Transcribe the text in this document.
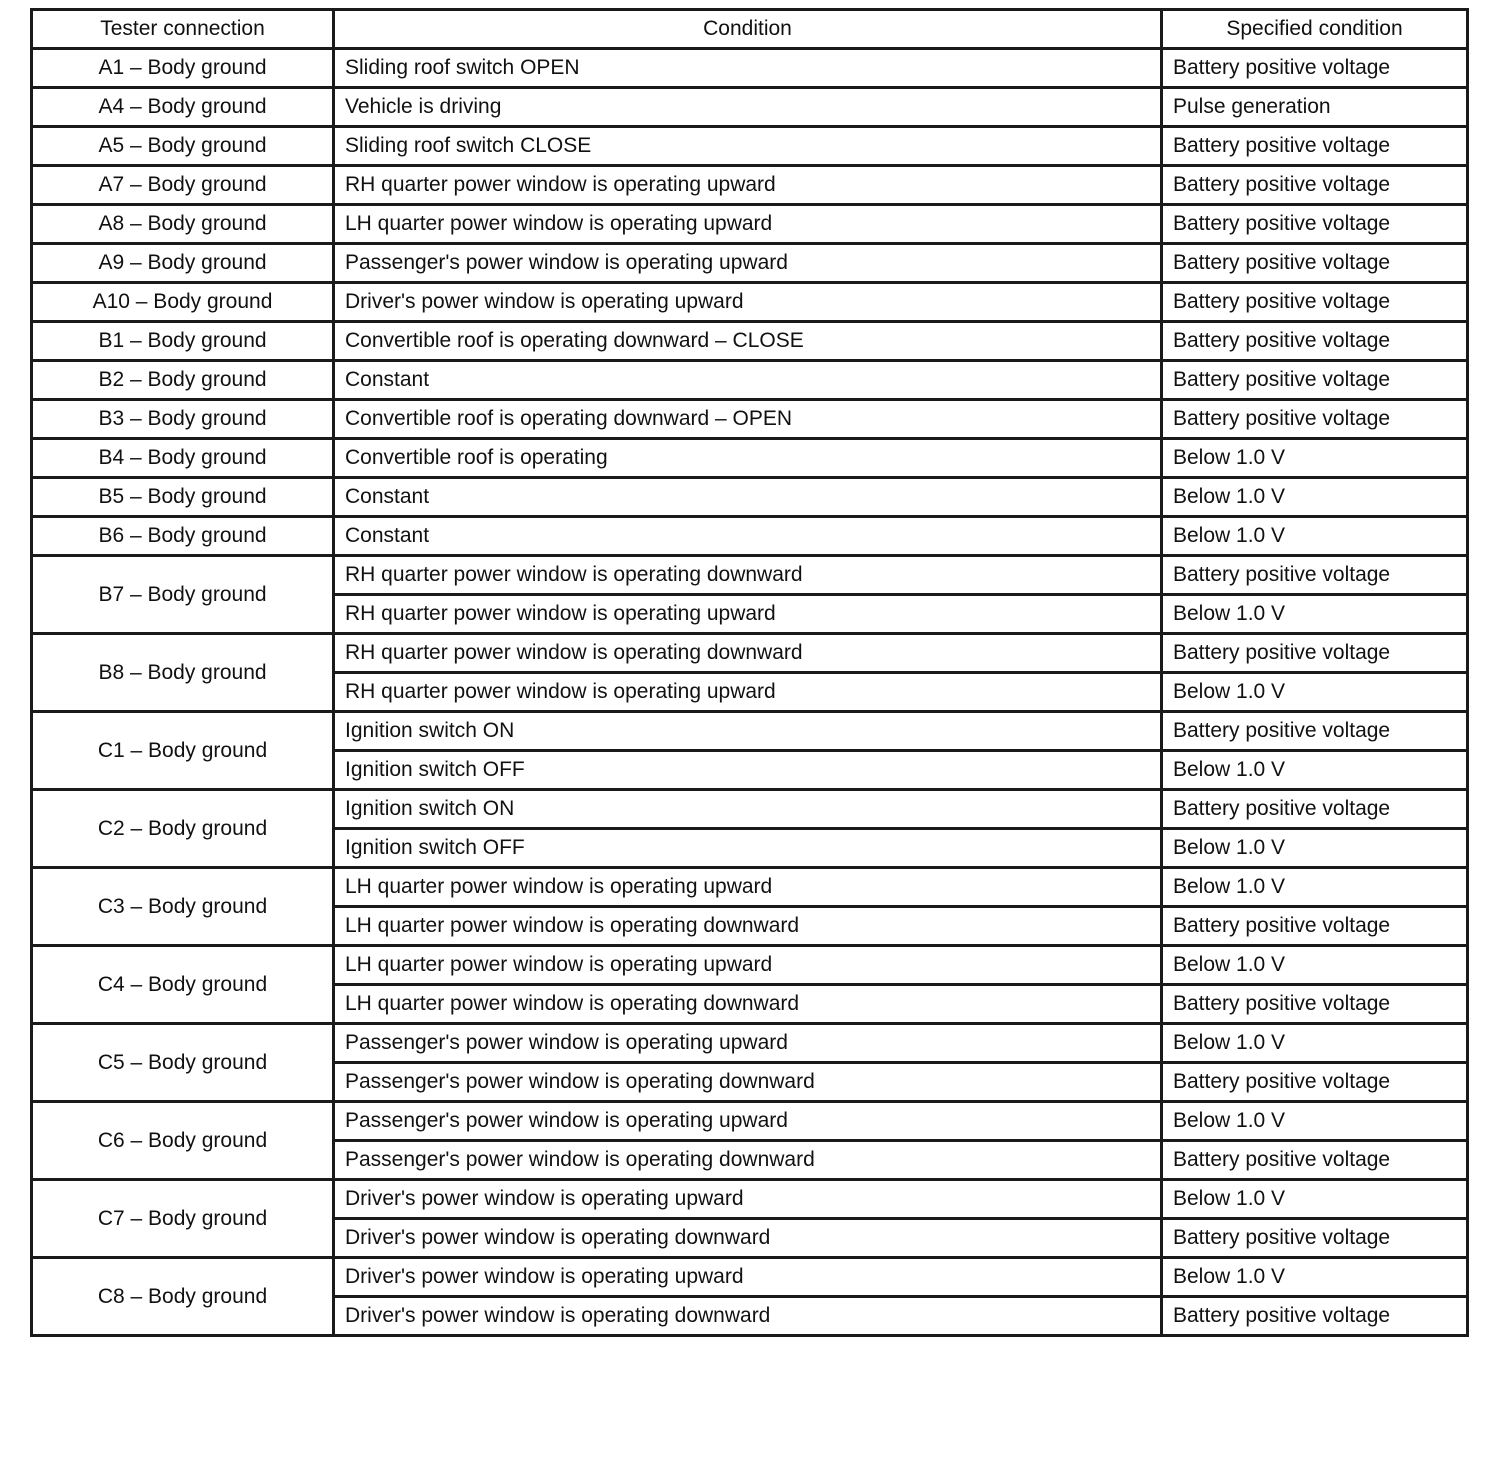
Tester connection	Condition	Specified condition
A1 – Body ground	Sliding roof switch OPEN	Battery positive voltage
A4 – Body ground	Vehicle is driving	Pulse generation
A5 – Body ground	Sliding roof switch CLOSE	Battery positive voltage
A7 – Body ground	RH quarter power window is operating upward	Battery positive voltage
A8 – Body ground	LH quarter power window is operating upward	Battery positive voltage
A9 – Body ground	Passenger's power window is operating upward	Battery positive voltage
A10 – Body ground	Driver's power window is operating upward	Battery positive voltage
B1 – Body ground	Convertible roof is operating downward – CLOSE	Battery positive voltage
B2 – Body ground	Constant	Battery positive voltage
B3 – Body ground	Convertible roof is operating downward – OPEN	Battery positive voltage
B4 – Body ground	Convertible roof is operating	Below 1.0 V
B5 – Body ground	Constant	Below 1.0 V
B6 – Body ground	Constant	Below 1.0 V
B7 – Body ground	RH quarter power window is operating downward	Battery positive voltage
	RH quarter power window is operating upward	Below 1.0 V
B8 – Body ground	RH quarter power window is operating downward	Battery positive voltage
	RH quarter power window is operating upward	Below 1.0 V
C1 – Body ground	Ignition switch ON	Battery positive voltage
	Ignition switch OFF	Below 1.0 V
C2 – Body ground	Ignition switch ON	Battery positive voltage
	Ignition switch OFF	Below 1.0 V
C3 – Body ground	LH quarter power window is operating upward	Below 1.0 V
	LH quarter power window is operating downward	Battery positive voltage
C4 – Body ground	LH quarter power window is operating upward	Below 1.0 V
	LH quarter power window is operating downward	Battery positive voltage
C5 – Body ground	Passenger's power window is operating upward	Below 1.0 V
	Passenger's power window is operating downward	Battery positive voltage
C6 – Body ground	Passenger's power window is operating upward	Below 1.0 V
	Passenger's power window is operating downward	Battery positive voltage
C7 – Body ground	Driver's power window is operating upward	Below 1.0 V
	Driver's power window is operating downward	Battery positive voltage
C8 – Body ground	Driver's power window is operating upward	Below 1.0 V
	Driver's power window is operating downward	Battery positive voltage
